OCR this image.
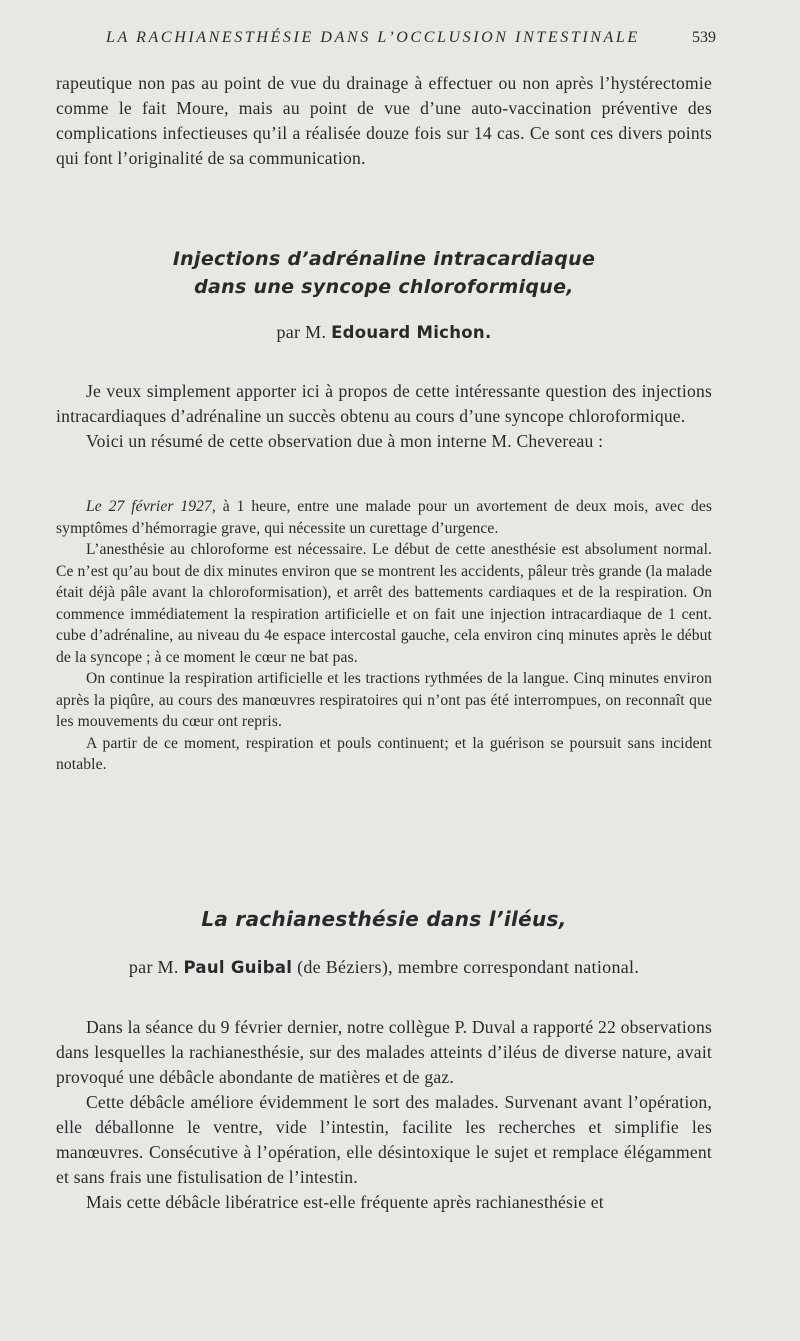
LA RACHIANESTHÉSIE DANS L’OCCLUSION INTESTINALE	539

rapeutique non pas au point de vue du drainage à effectuer ou non après l’hystérectomie comme le fait Moure, mais au point de vue d’une auto-vaccination préventive des complications infectieuses qu’il a réalisée douze fois sur 14 cas. Ce sont ces divers points qui font l’originalité de sa communication.

Injections d’adrénaline intracardiaque
dans une syncope chloroformique,
par M. Edouard Michon.

Je veux simplement apporter ici à propos de cette intéressante question des injections intracardiaques d’adrénaline un succès obtenu au cours d’une syncope chloroformique.

Voici un résumé de cette observation due à mon interne M. Chevereau :

Le 27 février 1927, à 1 heure, entre une malade pour un avortement de deux mois, avec des symptômes d’hémorragie grave, qui nécessite un curettage d’urgence.

L’anesthésie au chloroforme est nécessaire. Le début de cette anesthésie est absolument normal. Ce n’est qu’au bout de dix minutes environ que se montrent les accidents, pâleur très grande (la malade était déjà pâle avant la chloroformisation), et arrêt des battements cardiaques et de la respiration. On commence immédiatement la respiration artificielle et on fait une injection intracardiaque de 1 cent. cube d’adrénaline, au niveau du 4e espace intercostal gauche, cela environ cinq minutes après le début de la syncope ; à ce moment le cœur ne bat pas.

On continue la respiration artificielle et les tractions rythmées de la langue. Cinq minutes environ après la piqûre, au cours des manœuvres respiratoires qui n’ont pas été interrompues, on reconnaît que les mouvements du cœur ont repris.

A partir de ce moment, respiration et pouls continuent; et la guérison se poursuit sans incident notable.

La rachianesthésie dans l’iléus,
par M. Paul Guibal (de Béziers), membre correspondant national.

Dans la séance du 9 février dernier, notre collègue P. Duval a rapporté 22 observations dans lesquelles la rachianesthésie, sur des malades atteints d’iléus de diverse nature, avait provoqué une débâcle abondante de matières et de gaz.

Cette débâcle améliore évidemment le sort des malades. Survenant avant l’opération, elle déballonne le ventre, vide l’intestin, facilite les recherches et simplifie les manœuvres. Consécutive à l’opération, elle désintoxique le sujet et remplace élégamment et sans frais une fistulisation de l’intestin.

Mais cette débâcle libératrice est-elle fréquente après rachianesthésie et
